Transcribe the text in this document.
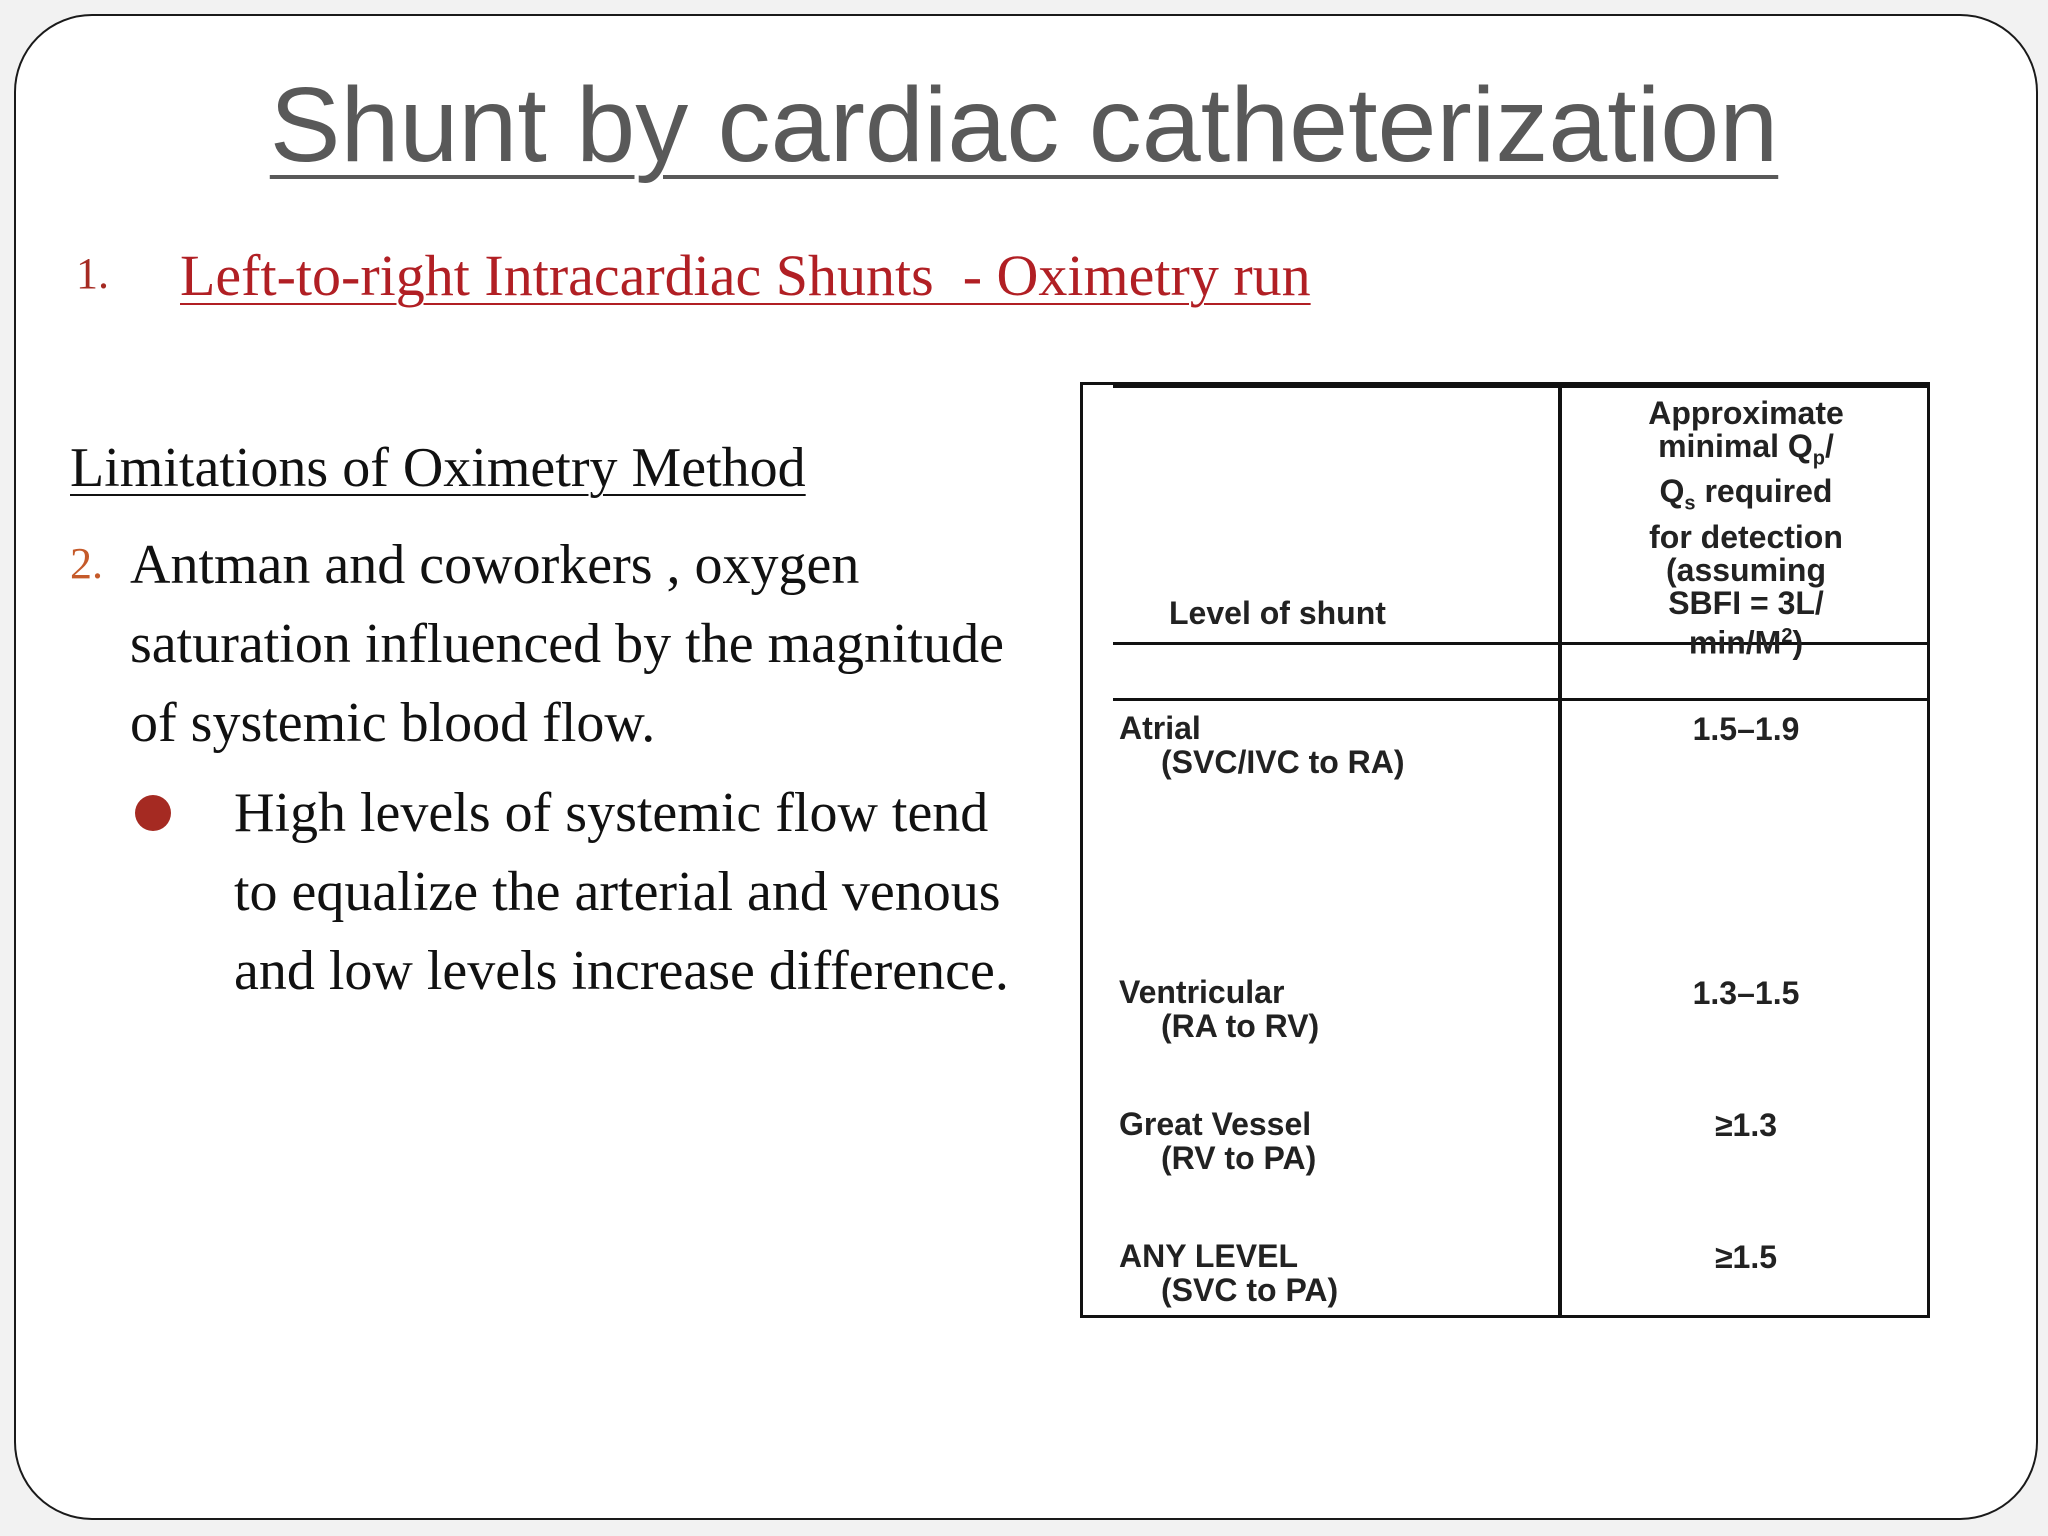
Shunt by cardiac catheterization
1. Left-to-right Intracardiac Shunts  - Oximetry run
Limitations of Oximetry Method
2. Antman and coworkers , oxygen saturation influenced by the magnitude of systemic blood flow.

High levels of systemic flow tend to equalize the arterial and venous and low levels increase difference.

Level of shunt
Approximate
minimal $Q_p/$
$Q_s$ required
for detection
(assuming
SBFI = 3L/
$\min/M^2$)
Atrial
(SVC/IVC to RA)
1.5–1.9
Ventricular
(RA to RV)
1.3–1.5
Great Vessel
(RV to PA)
≥1.3
ANY LEVEL
(SVC to PA)
≥1.5
